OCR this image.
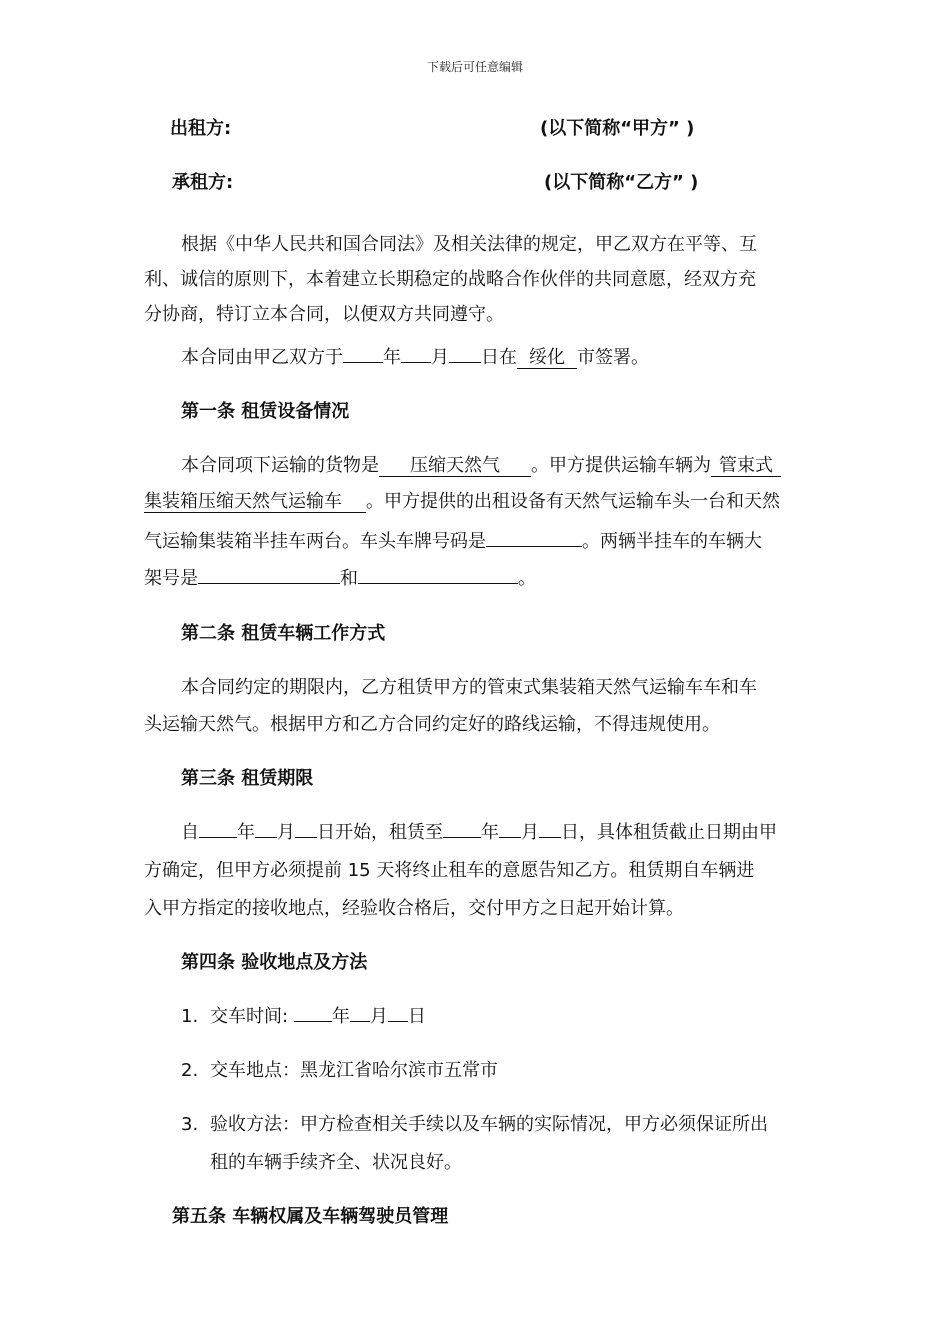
下载后可任意编辑
出租方:	(以下简称“甲方” )
承租方:	(以下简称“乙方” )
根据《中华人民共和国合同法》及相关法律的规定，甲乙双方在平等、互
利、诚信的原则下，本着建立长期稳定的战略合作伙伴的共同意愿，经双方充
分协商，特订立本合同，以便双方共同遵守。
本合同由甲乙双方于 年 月 日在 绥化 市签署。
第一条 租赁设备情况
本合同项下运输的货物是 压缩天然气 。甲方提供运输车辆为 管束式
集装箱压缩天然气运输车 。甲方提供的出租设备有天然气运输车头一台和天然
气运输集装箱半挂车两台。车头车牌号码是	。两辆半挂车的车辆大
架号是	和	。
第二条 租赁车辆工作方式
本合同约定的期限内，乙方租赁甲方的管束式集装箱天然气运输车车和车
头运输天然气。根据甲方和乙方合同约定好的路线运输，不得违规使用。
第三条 租赁期限
自 年 月 日开始，租赁至 年 月 日，具体租赁截止日期由甲
方确定，但甲方必须提前 15 天将终止租车的意愿告知乙方。租赁期自车辆进
入甲方指定的接收地点，经验收合格后，交付甲方之日起开始计算。
第四条 验收地点及方法
1. 交车时间: 年 月 日
2. 交车地点：黑龙江省哈尔滨市五常市
3. 验收方法：甲方检查相关手续以及车辆的实际情况，甲方必须保证所出
租的车辆手续齐全、状况良好。
第五条 车辆权属及车辆驾驶员管理
